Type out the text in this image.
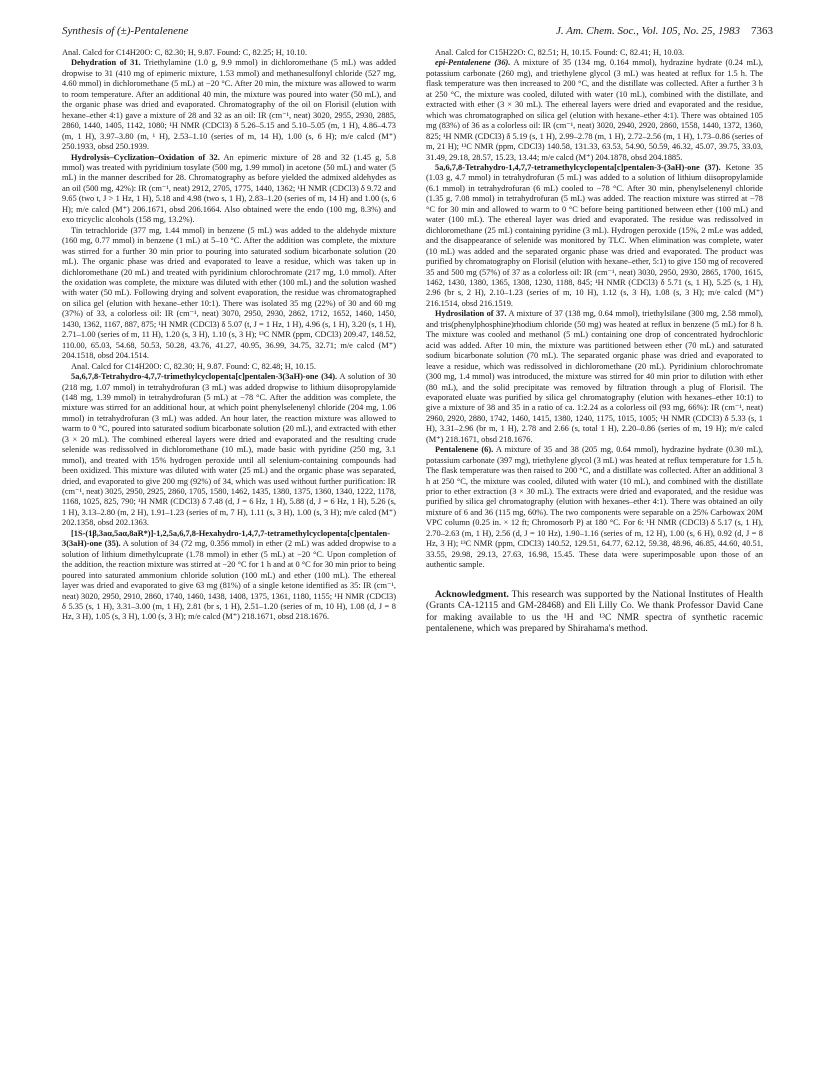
Synthesis of (±)-Pentalenene	J. Am. Chem. Soc., Vol. 105, No. 25, 1983 7363

Anal. Calcd for C14H20O: C, 82.30; H, 9.87. Found: C, 82.25; H, 10.10.

Dehydration of 31. Triethylamine (1.0 g, 9.9 mmol) in dichloromethane (5 mL) was added dropwise to 31 (410 mg of epimeric mixture, 1.53 mmol) and methanesulfonyl chloride (527 mg, 4.60 mmol) in dichloromethane (5 mL) at −20 °C. After 20 min, the mixture was allowed to warm to room temperature. After an additional 40 min, the mixture was poured into water (50 mL), and the organic phase was dried and evaporated. Chromatography of the oil on Florisil (elution with hexane–ether 4:1) gave a mixture of 28 and 32 as an oil: IR (cm⁻¹, neat) 3020, 2955, 2930, 2885, 2860, 1440, 1405, 1142, 1080; ¹H NMR (CDCl3) δ 5.26–5.15 and 5.10–5.05 (m, 1 H), 4.86–4.73 (m, 1 H), 3.97–3.80 (m, ¹ H), 2.53–1.10 (series of m, 14 H), 1.00 (s, 6 H); m/e calcd (M⁺) 250.1933, obsd 250.1939.

Hydrolysis–Cyclization–Oxidation of 32. An epimeric mixture of 28 and 32 (1.45 g, 5.8 mmol) was treated with pyridinium tosylate (500 mg, 1.99 mmol) in acetone (50 mL) and water (5 mL) in the manner described for 28. Chromatography as before yielded the admixed aldehydes as an oil (500 mg, 42%): IR (cm⁻¹, neat) 2912, 2705, 1775, 1440, 1362; ¹H NMR (CDCl3) δ 9.72 and 9.65 (two t, J > 1 Hz, 1 H), 5.18 and 4.98 (two s, 1 H), 2.83–1.20 (series of m, 14 H) and 1.00 (s, 6 H); m/e calcd (M⁺) 206.1671, obsd 206.1664. Also obtained were the endo (100 mg, 8.3%) and exo tricyclic alcohols (158 mg, 13.2%).

Tin tetrachloride (377 mg, 1.44 mmol) in benzene (5 mL) was added to the aldehyde mixture (160 mg, 0.77 mmol) in benzene (1 mL) at 5–10 °C. After the addition was complete, the mixture was stirred for a further 30 min prior to pouring into saturated sodium bicarbonate solution (20 mL). The organic phase was dried and evaporated to leave a residue, which was taken up in dichloromethane (20 mL) and treated with pyridinium chlorochromate (217 mg, 1.0 mmol). After the oxidation was complete, the mixture was diluted with ether (100 mL) and the solution washed with water (50 mL). Following drying and solvent evaporation, the residue was chromatographed on silica gel (elution with hexane–ether 10:1). There was isolated 35 mg (22%) of 30 and 60 mg (37%) of 33, a colorless oil: IR (cm⁻¹, neat) 3070, 2950, 2930, 2862, 1712, 1652, 1460, 1450, 1430, 1362, 1167, 887, 875; ¹H NMR (CDCl3) δ 5.07 (t, J = 1 Hz, 1 H), 4.96 (s, 1 H), 3.20 (s, 1 H), 2.71–1.00 (series of m, 11 H), 1.20 (s, 3 H), 1.10 (s, 3 H); ¹³C NMR (ppm, CDCl3) 209.47, 148.52, 110.00, 65.03, 54.68, 50.53, 50.28, 43.76, 41.27, 40.95, 36.99, 34.75, 32.71; m/e calcd (M⁺) 204.1518, obsd 204.1514.

Anal. Calcd for C14H20O: C, 82.30; H, 9.87. Found: C, 82.48; H, 10.15.

5a,6,7,8-Tetrahydro-4,7,7-trimethylcyclopenta[c]pentalen-3(3aH)-one (34). A solution of 30 (218 mg, 1.07 mmol) in tetrahydrofuran (3 mL) was added dropwise to lithium diisopropylamide (148 mg, 1.39 mmol) in tetrahydrofuran (5 mL) at −78 °C. After the addition was complete, the mixture was stirred for an additional hour, at which point phenylselenenyl chloride (204 mg, 1.06 mmol) in tetrahydrofuran (3 mL) was added. An hour later, the reaction mixture was allowed to warm to 0 °C, poured into saturated sodium bicarbonate solution (20 mL), and extracted with ether (3 × 20 mL). The combined ethereal layers were dried and evaporated and the resulting crude selenide was redissolved in dichloromethane (10 mL), made basic with pyridine (250 mg, 3.1 mmol), and treated with 15% hydrogen peroxide until all selenium-containing compounds had been oxidized. This mixture was diluted with water (25 mL) and the organic phase was separated, dried, and evaporated to give 200 mg (92%) of 34, which was used without further purification: IR (cm⁻¹, neat) 3025, 2950, 2925, 2860, 1705, 1580, 1462, 1435, 1380, 1375, 1360, 1340, 1222, 1178, 1168, 1025, 825, 790; ¹H NMR (CDCl3) δ 7.48 (d, J = 6 Hz, 1 H), 5.88 (d, J = 6 Hz, 1 H), 5.26 (s, 1 H), 3.13–2.80 (m, 2 H), 1.91–1.23 (series of m, 7 H), 1.11 (s, 3 H), 1.00 (s, 3 H); m/e calcd (M⁺) 202.1358, obsd 202.1363.

[1S-(1β,3aα,5aα,8aR*)]-1,2,5a,6,7,8-Hexahydro-1,4,7,7-tetramethylcyclopenta[c]pentalen-3(3aH)-one (35). A solution of 34 (72 mg, 0.356 mmol) in ether (2 mL) was added dropwise to a solution of lithium dimethylcuprate (1.78 mmol) in ether (5 mL) at −20 °C. Upon completion of the addition, the reaction mixture was stirred at −20 °C for 1 h and at 0 °C for 30 min prior to being poured into saturated ammonium chloride solution (100 mL) and ether (100 mL). The ethereal layer was dried and evaporated to give 63 mg (81%) of a single ketone identified as 35: IR (cm⁻¹, neat) 3020, 2950, 2910, 2860, 1740, 1460, 1438, 1408, 1375, 1361, 1180, 1155; ¹H NMR (CDCl3) δ 5.35 (s, 1 H), 3.31–3.00 (m, 1 H), 2.81 (br s, 1 H), 2.51–1.20 (series of m, 10 H), 1.08 (d, J = 8 Hz, 3 H), 1.05 (s, 3 H), 1.00 (s, 3 H); m/e calcd (M⁺) 218.1671, obsd 218.1676.

Anal. Calcd for C15H22O: C, 82.51; H, 10.15. Found: C, 82.41; H, 10.03.

epi-Pentalenene (36). A mixture of 35 (134 mg, 0.164 mmol), hydrazine hydrate (0.24 mL), potassium carbonate (260 mg), and triethylene glycol (3 mL) was heated at reflux for 1.5 h. The flask temperature was then increased to 200 °C, and the distillate was collected. After a further 3 h at 250 °C, the mixture was cooled, diluted with water (10 mL), combined with the distillate, and extracted with ether (3 × 30 mL). The ethereal layers were dried and evaporated and the residue, which was chromatographed on silica gel (elution with hexane–ether 4:1). There was obtained 105 mg (83%) of 36 as a colorless oil: IR (cm⁻¹, neat) 3020, 2940, 2920, 2860, 1558, 1440, 1372, 1360, 825; ¹H NMR (CDCl3) δ 5.19 (s, 1 H), 2.99–2.78 (m, 1 H), 2.72–2.56 (m, 1 H), 1.73–0.86 (series of m, 21 H); ¹³C NMR (ppm, CDCl3) 140.58, 131.33, 63.53, 54.90, 50.59, 46.32, 45.07, 39.75, 33.03, 31.49, 29.18, 28.57, 15.23, 13.44; m/e calcd (M⁺) 204.1878, obsd 204.1885.

5a,6,7,8-Tetrahydro-1,4,7,7-tetramethylcyclopenta[c]pentalen-3-(3aH)-one (37). Ketone 35 (1.03 g, 4.7 mmol) in tetrahydrofuran (5 mL) was added to a solution of lithium diisopropylamide (6.1 mmol) in tetrahydrofuran (6 mL) cooled to −78 °C. After 30 min, phenylselenenyl chloride (1.35 g, 7.08 mmol) in tetrahydrofuran (5 mL) was added. The reaction mixture was stirred at −78 °C for 30 min and allowed to warm to 0 °C before being partitioned between ether (100 mL) and water (100 mL). The ethereal layer was dried and evaporated. The residue was redissolved in dichloromethane (25 mL) containing pyridine (3 mL). Hydrogen peroxide (15%, 2 mLe was added, and the disappearance of selenide was monitored by TLC. When elimination was complete, water (10 mL) was added and the separated organic phase was dried and evaporated. The product was purified by chromatography on Florisil (elution with hexane–ether, 5:1) to give 150 mg of recovered 35 and 500 mg (57%) of 37 as a colorless oil: IR (cm⁻¹, neat) 3030, 2950, 2930, 2865, 1700, 1615, 1462, 1430, 1380, 1365, 1308, 1230, 1188, 845; ¹H NMR (CDCl3) δ 5.71 (s, 1 H), 5.25 (s, 1 H), 2.96 (br s, 2 H), 2.10–1.23 (series of m, 10 H), 1.12 (s, 3 H), 1.08 (s, 3 H); m/e calcd (M⁺) 216.1514, obsd 216.1519.

Hydrosilation of 37. A mixture of 37 (138 mg, 0.64 mmol), triethylsilane (300 mg, 2.58 mmol), and tris(phenylphosphine)rhodium chloride (50 mg) was heated at reflux in benzene (5 mL) for 8 h. The mixture was cooled and methanol (5 mL) containing one drop of concentrated hydrochloric acid was added. After 10 min, the mixture was partitioned between ether (70 mL) and saturated sodium bicarbonate solution (70 mL). The separated organic phase was dried and evaporated to leave a residue, which was redissolved in dichloromethane (20 mL). Pyridinium chlorochromate (300 mg, 1.4 mmol) was introduced, the mixture was stirred for 40 min prior to dilution with ether (80 mL), and the solid precipitate was removed by filtration through a plug of Florisil. The evaporated eluate was purified by silica gel chromatography (elution with hexanes–ether 10:1) to give a mixture of 38 and 35 in a ratio of ca. 1:2.24 as a colorless oil (93 mg, 66%): IR (cm⁻¹, neat) 2960, 2920, 2880, 1742, 1460, 1415, 1380, 1240, 1175, 1015, 1005; ¹H NMR (CDCl3) δ 5.33 (s, 1 H), 3.31–2.96 (br m, 1 H), 2.78 and 2.66 (s, total 1 H), 2.20–0.86 (series of m, 19 H); m/e calcd (M⁺) 218.1671, obsd 218.1676.

Pentalenene (6). A mixture of 35 and 38 (205 mg, 0.64 mmol), hydrazine hydrate (0.30 mL), potassium carbonate (397 mg), triethylene glycol (3 mL) was heated at reflux temperature for 1.5 h. The flask temperature was then raised to 200 °C, and a distillate was collected. After an additional 3 h at 250 °C, the mixture was cooled, diluted with water (10 mL), and combined with the distillate prior to ether extraction (3 × 30 mL). The extracts were dried and evaporated, and the residue was purified by silica gel chromatography (elution with hexanes–ether 4:1). There was obtained an oily mixture of 6 and 36 (115 mg, 60%). The two components were separable on a 25% Carbowax 20M VPC column (0.25 in. × 12 ft; Chromosorb P) at 180 °C. For 6: ¹H NMR (CDCl3) δ 5.17 (s, 1 H), 2.70–2.63 (m, 1 H), 2.56 (d, J = 10 Hz), 1.90–1.16 (series of m, 12 H), 1.00 (s, 6 H), 0.92 (d, J = 8 Hz, 3 H); ¹³C NMR (ppm, CDCl3) 140.52, 129.51, 64.77, 62.12, 59.38, 48.96, 46.85, 44.60, 40.51, 33.55, 29.98, 29.13, 27.63, 16.98, 15.45. These data were superimposable upon those of an authentic sample.

Acknowledgment. This research was supported by the National Institutes of Health (Grants CA-12115 and GM-28468) and Eli Lilly Co. We thank Professor David Cane for making available to us the ¹H and ¹³C NMR spectra of synthetic racemic pentalenene, which was prepared by Shirahama's method.
